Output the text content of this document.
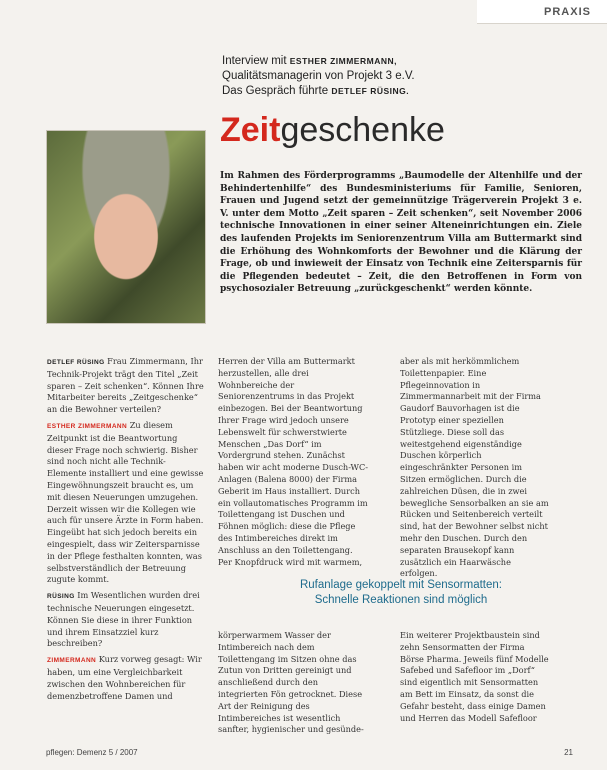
PRAXIS
Interview mit ESTHER ZIMMERMANN,
Qualitätsmanagerin von Projekt 3 e.V.
Das Gespräch führte DETLEF RÜSING.
Zeitgeschenke
Im Rahmen des Förderprogramms „Baumodelle der Altenhilfe und der Behindertenhilfe“ des Bundesministeriums für Familie, Senioren, Frauen und Jugend setzt der gemeinnützige Trägerverein Projekt 3 e. V. unter dem Motto „Zeit sparen – Zeit schenken“, seit November 2006 technische Innovationen in einer seiner Alteneinrichtungen ein. Ziele des laufenden Projekts im Seniorenzentrum Villa am Buttermarkt sind die Erhöhung des Wohnkomforts der Bewohner und die Klärung der Frage, ob und inwieweit der Einsatz von Technik eine Zeitersparnis für die Pflegenden bedeutet – Zeit, die den Betroffenen in Form von psychosozialer Betreuung „zurückgeschenkt“ werden könnte.

DETLEF RÜSING Frau Zimmermann, Ihr Technik-Projekt trägt den Titel „Zeit sparen – Zeit schenken“. Können Ihre Mitarbeiter bereits „Zeitgeschenke“ an die Bewohner verteilen?

ESTHER ZIMMERMANN Zu diesem Zeitpunkt ist die Beantwortung dieser Frage noch schwierig. Bisher sind noch nicht alle Technik-Elemente installiert und eine gewisse Eingewöhnungszeit braucht es, um mit diesen Neuerungen umzugehen. Derzeit wissen wir die Kollegen wie auch für unsere Ärzte in Form haben. Eingeübt hat sich jedoch bereits ein eingespielt, dass wir Zeitersparnisse in der Pflege festhalten konnten, was selbstverständlich der Betreuung zugute kommt.

RÜSING Im Wesentlichen wurden drei technische Neuerungen eingesetzt. Können Sie diese in ihrer Funktion und ihrem Einsatzziel kurz beschreiben?

ZIMMERMANN Kurz vorweg gesagt: Wir haben, um eine Vergleichbarkeit zwischen den Wohnbereichen für demenzbetroffene Damen und

Herren der Villa am Buttermarkt herzustellen, alle drei Wohnbereiche der Seniorenzentrums in das Projekt einbezogen. Bei der Beantwortung Ihrer Frage wird jedoch unsere Lebenswelt für schwerstwierte Menschen „Das Dorf“ im Vordergrund stehen. Zunächst haben wir acht moderne Dusch-WC-Anlagen (Balena 8000) der Firma Geberit im Haus installiert. Durch ein vollautomatisches Programm im Toilettengang ist Duschen und Föhnen möglich: diese die Pflege des Intimbereiches direkt im Anschluss an den Toilettengang. Per Knopfdruck wird mit warmem,
aber als mit herkömmlichem Toilettenpapier. Eine Pflegeinnovation in Zimmermannarbeit mit der Firma Gaudorf Bauvorhagen ist die Prototyp einer speziellen Stützliege. Diese soll das weitestgehend eigenständige Duschen körperlich eingeschränkter Personen im Sitzen ermöglichen. Durch die zahlreichen Düsen, die in zwei bewegliche Sensorbalken an sie am Rücken und Seitenbereich verteilt sind, hat der Bewohner selbst nicht mehr den Duschen. Durch den separaten Brausekopf kann zusätzlich ein Haarwäsche erfolgen.
Rufanlage gekoppelt mit Sensormatten:
Schnelle Reaktionen sind möglich
körperwarmem Wasser der Intimbereich nach dem Toilettengang im Sitzen ohne das Zutun von Dritten gereinigt und anschließend durch den integrierten Fön getrocknet. Diese Art der Reinigung des Intimbereiches ist wesentlich sanfter, hygienischer und gesünde-
Ein weiterer Projektbaustein sind zehn Sensormatten der Firma Börse Pharma. Jeweils fünf Modelle Safebed und Safefloor im „Dorf“ sind eigentlich mit Sensormatten am Bett im Einsatz, da sonst die Gefahr besteht, dass einige Damen und Herren das Modell Safefloor
pflegen: Demenz 5 / 2007	21
